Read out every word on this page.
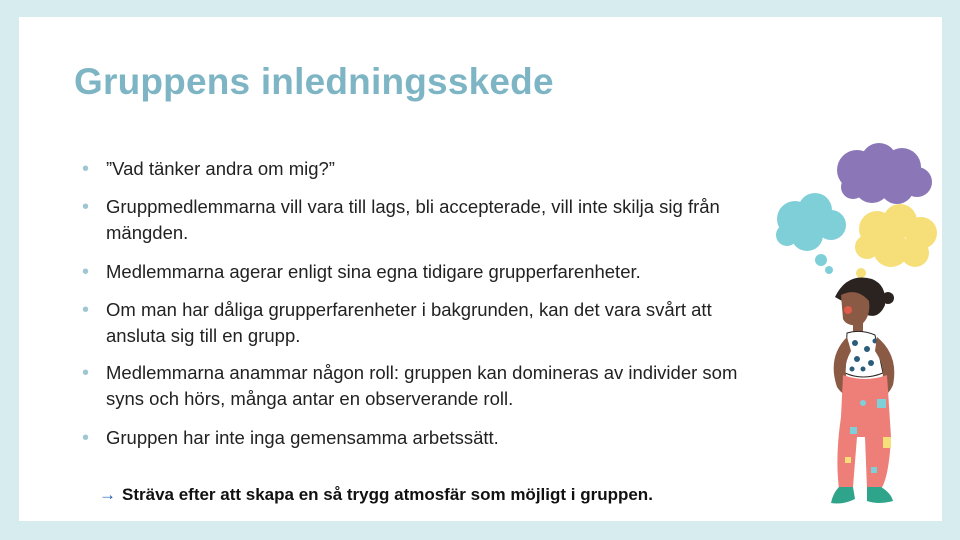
Gruppens inledningsskede
• ”Vad tänker andra om mig?”
• Gruppmedlemmarna vill vara till lags, bli accepterade, vill inte skilja sig från mängden.
• Medlemmarna agerar enligt sina egna tidigare grupperfarenheter.
• Om man har dåliga grupperfarenheter i bakgrunden, kan det vara svårt att ansluta sig till en grupp.
• Medlemmarna anammar någon roll: gruppen kan domineras av individer som syns och hörs, många antar en observerande roll.
• Gruppen har inte inga gemensamma arbetssätt.
→ Sträva efter att skapa en så trygg atmosfär som möjligt i gruppen.
